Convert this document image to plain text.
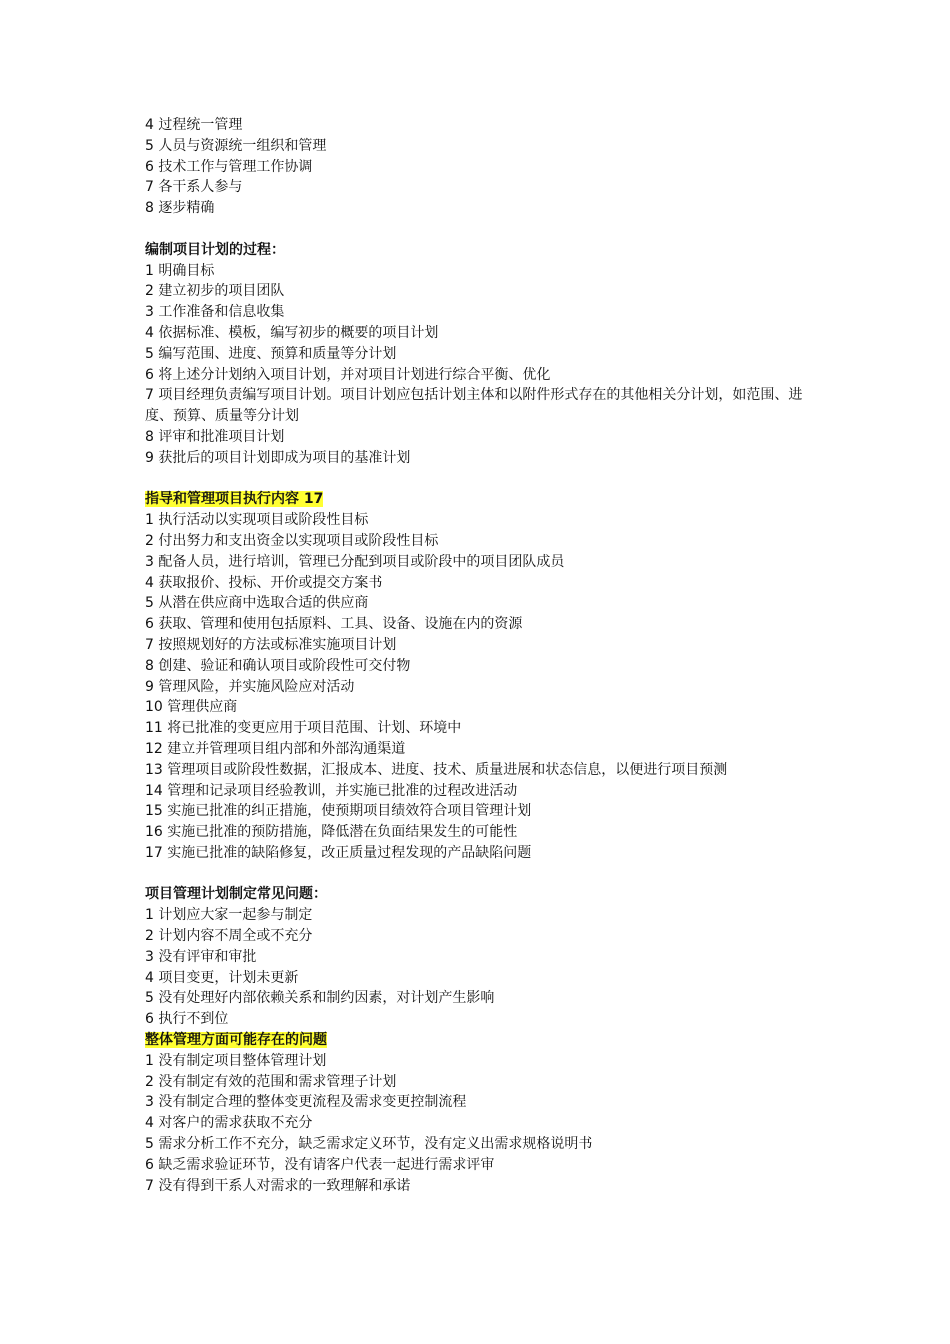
4 过程统一管理
5 人员与资源统一组织和管理
6 技术工作与管理工作协调
7 各干系人参与
8 逐步精确
编制项目计划的过程：
1 明确目标
2 建立初步的项目团队
3 工作准备和信息收集
4 依据标准、模板，编写初步的概要的项目计划
5 编写范围、进度、预算和质量等分计划
6 将上述分计划纳入项目计划，并对项目计划进行综合平衡、优化
7 项目经理负责编写项目计划。项目计划应包括计划主体和以附件形式存在的其他相关分计划，如范围、进度、预算、质量等分计划
8 评审和批准项目计划
9 获批后的项目计划即成为项目的基准计划
指导和管理项目执行内容 17
1 执行活动以实现项目或阶段性目标
2 付出努力和支出资金以实现项目或阶段性目标
3 配备人员，进行培训，管理已分配到项目或阶段中的项目团队成员
4 获取报价、投标、开价或提交方案书
5 从潜在供应商中选取合适的供应商
6 获取、管理和使用包括原料、工具、设备、设施在内的资源
7 按照规划好的方法或标准实施项目计划
8 创建、验证和确认项目或阶段性可交付物
9 管理风险，并实施风险应对活动
10 管理供应商
11 将已批准的变更应用于项目范围、计划、环境中
12 建立并管理项目组内部和外部沟通渠道
13 管理项目或阶段性数据，汇报成本、进度、技术、质量进展和状态信息，以便进行项目预测
14 管理和记录项目经验教训，并实施已批准的过程改进活动
15 实施已批准的纠正措施，使预期项目绩效符合项目管理计划
16 实施已批准的预防措施，降低潜在负面结果发生的可能性
17 实施已批准的缺陷修复，改正质量过程发现的产品缺陷问题
项目管理计划制定常见问题：
1 计划应大家一起参与制定
2 计划内容不周全或不充分
3 没有评审和审批
4 项目变更，计划未更新
5 没有处理好内部依赖关系和制约因素，对计划产生影响
6 执行不到位
整体管理方面可能存在的问题
1 没有制定项目整体管理计划
2 没有制定有效的范围和需求管理子计划
3 没有制定合理的整体变更流程及需求变更控制流程
4 对客户的需求获取不充分
5 需求分析工作不充分，缺乏需求定义环节，没有定义出需求规格说明书
6 缺乏需求验证环节，没有请客户代表一起进行需求评审
7 没有得到干系人对需求的一致理解和承诺
